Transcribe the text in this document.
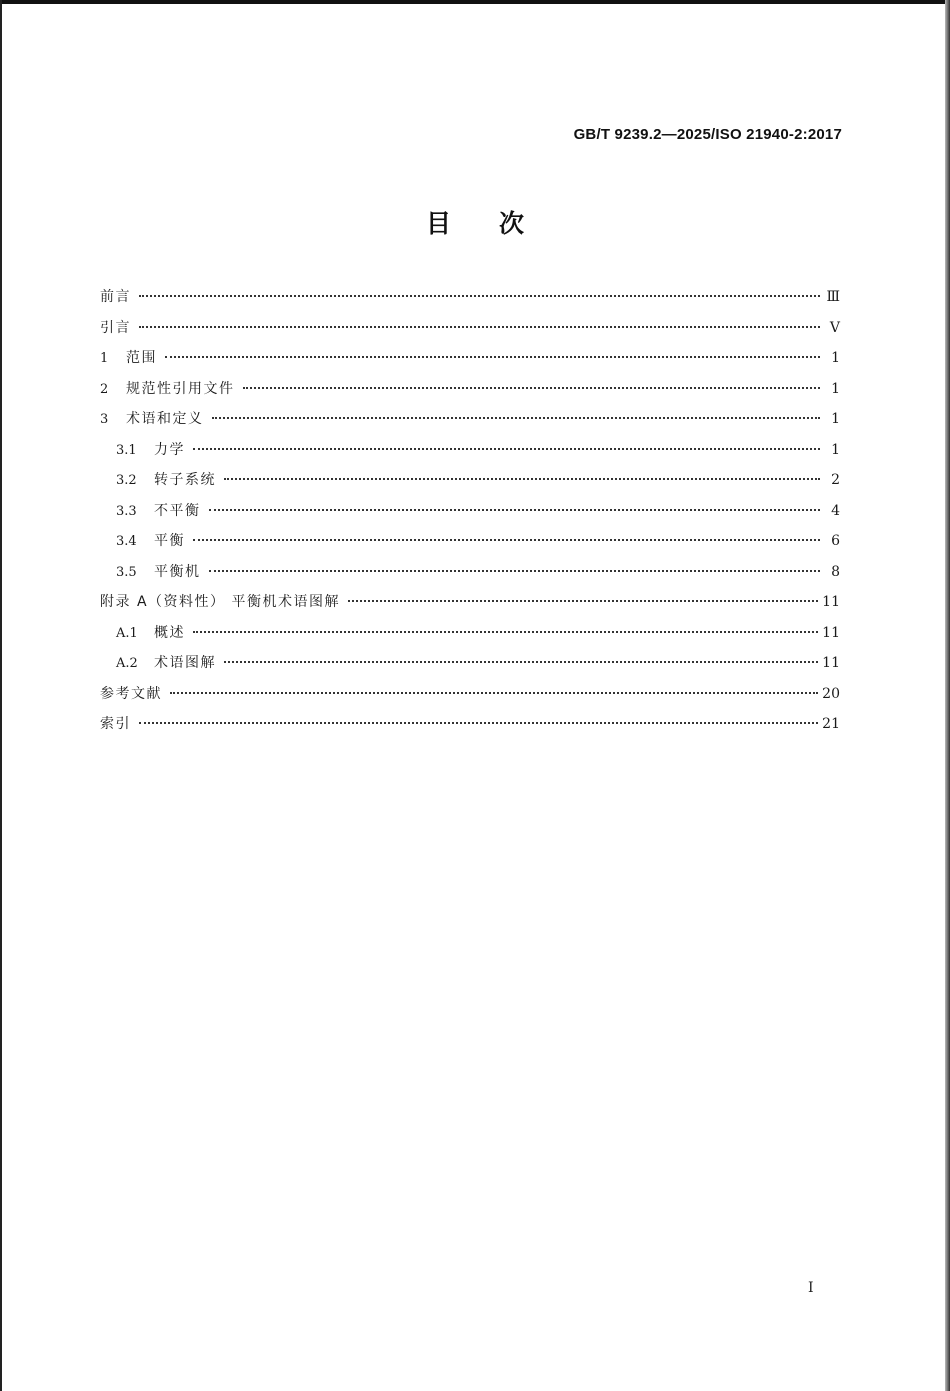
GB/T 9239.2—2025/ISO 21940-2:2017
目次
前言	Ⅲ
引言	Ⅴ
1	范围	1
2	规范性引用文件	1
3	术语和定义	1
3.1	力学	1
3.2	转子系统	2
3.3	不平衡	4
3.4	平衡	6
3.5	平衡机	8
附录 A（资料性） 平衡机术语图解	11
A.1	概述	11
A.2	术语图解	11
参考文献	20
索引	21
I
